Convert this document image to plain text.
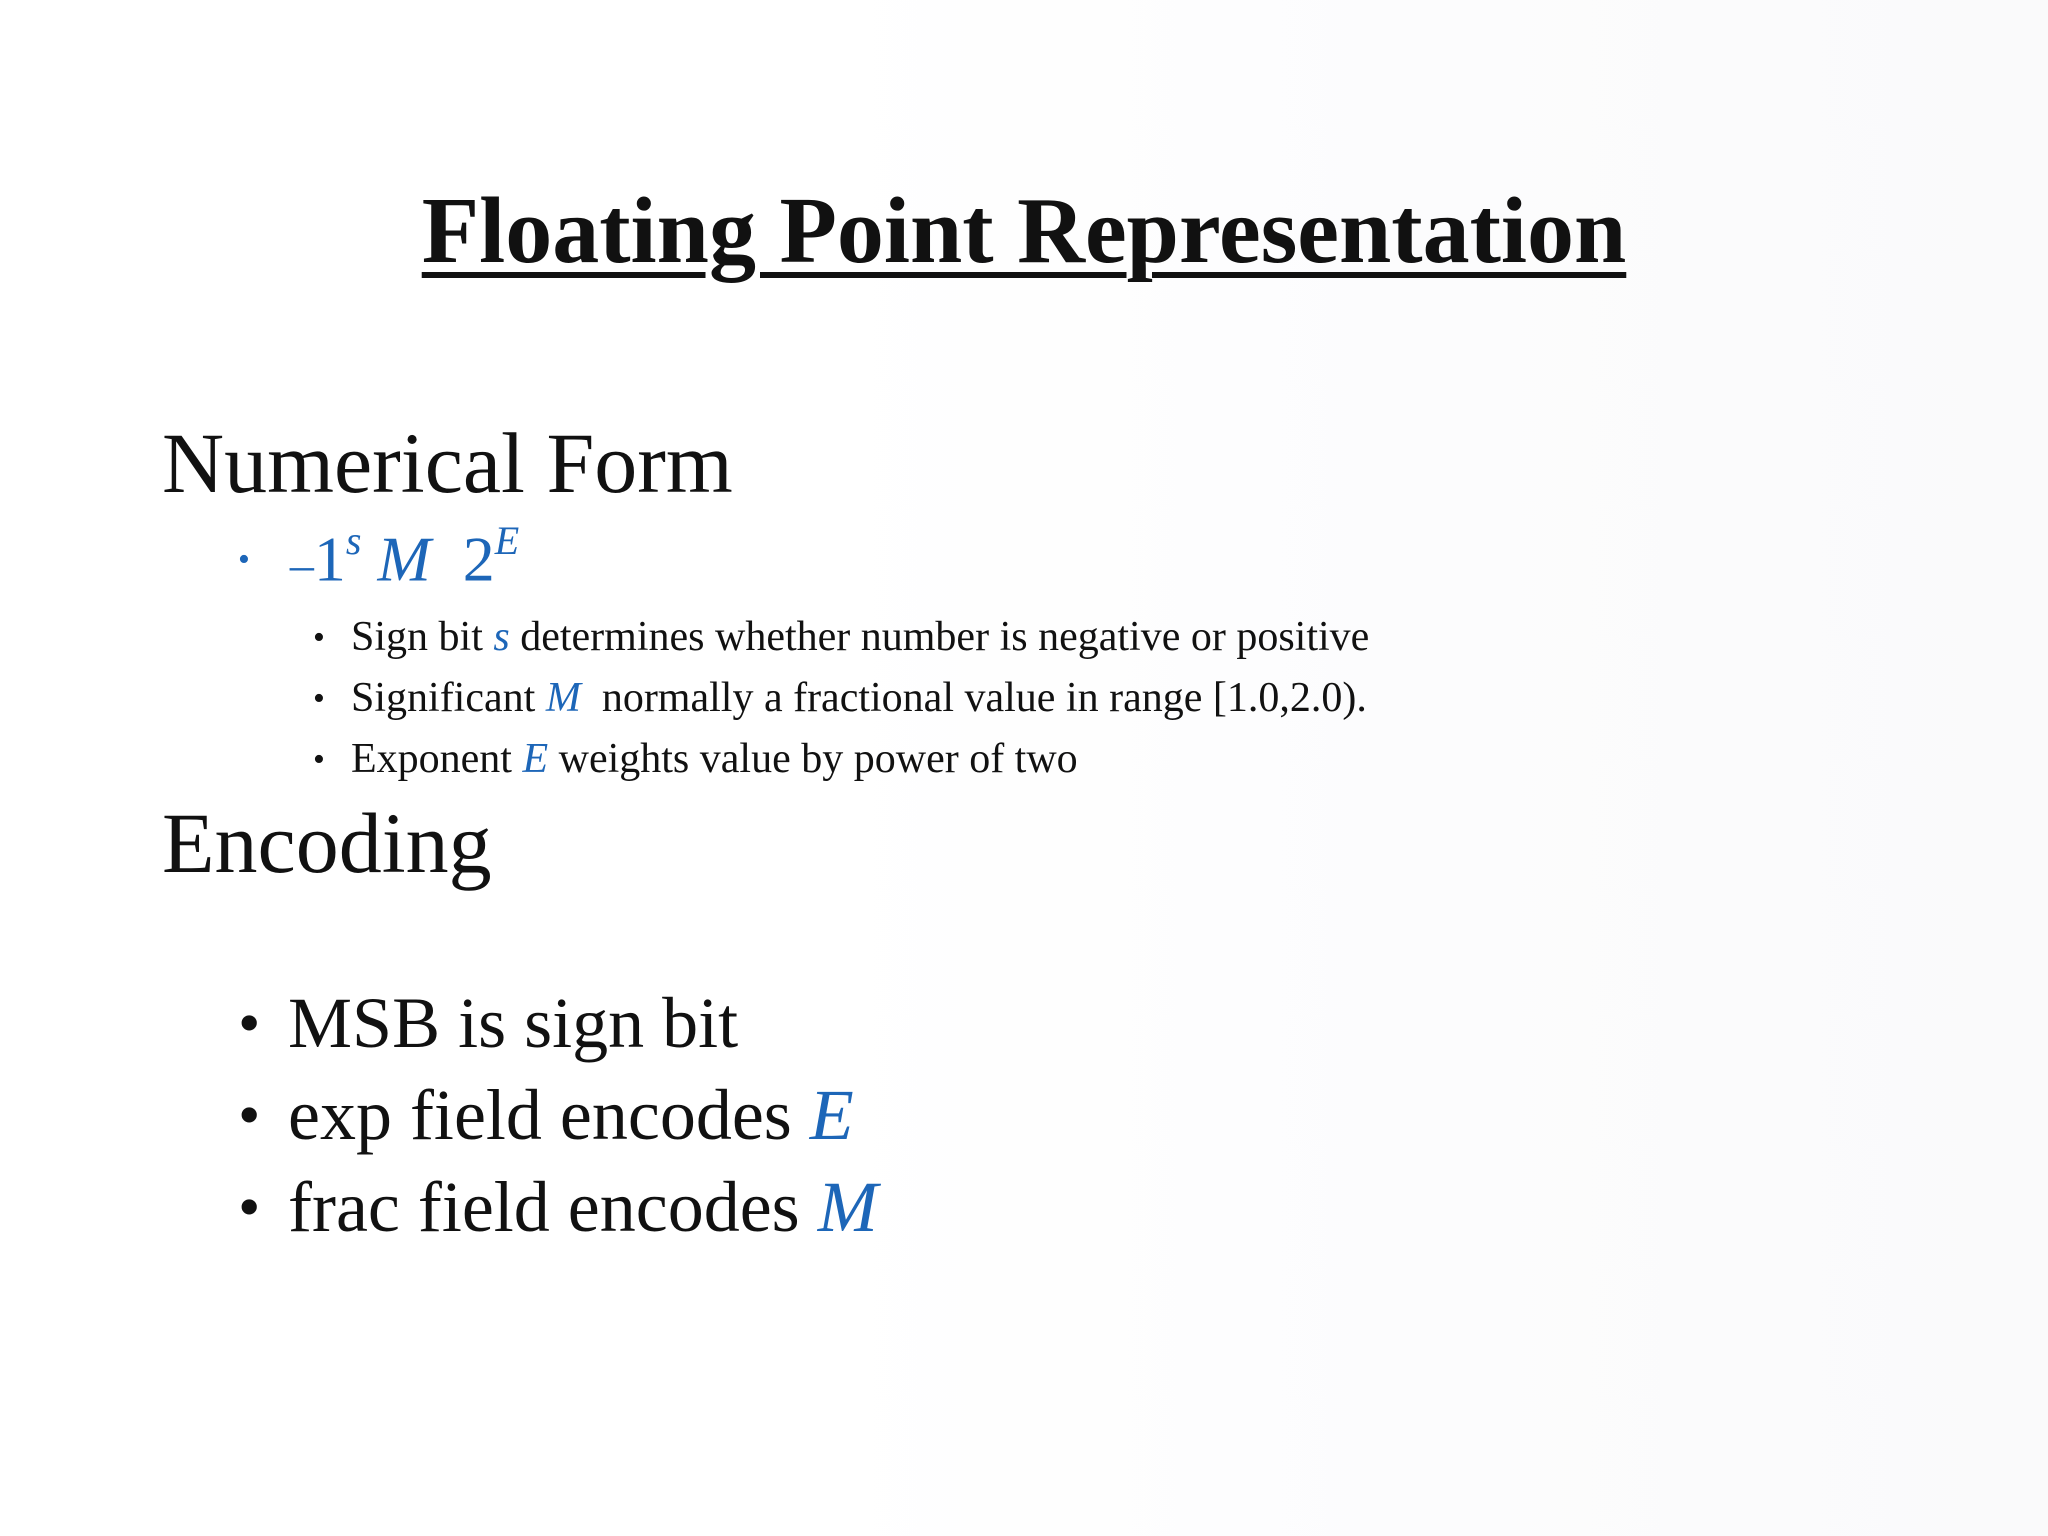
Floating Point Representation
Numerical Form
• –1$^s$ M $2^E$
• Sign bit s determines whether number is negative or positive
• Significant M  normally a fractional value in range [1.0,2.0).
• Exponent E weights value by power of two
Encoding
• MSB is sign bit
• exp field encodes E
• frac field encodes M
